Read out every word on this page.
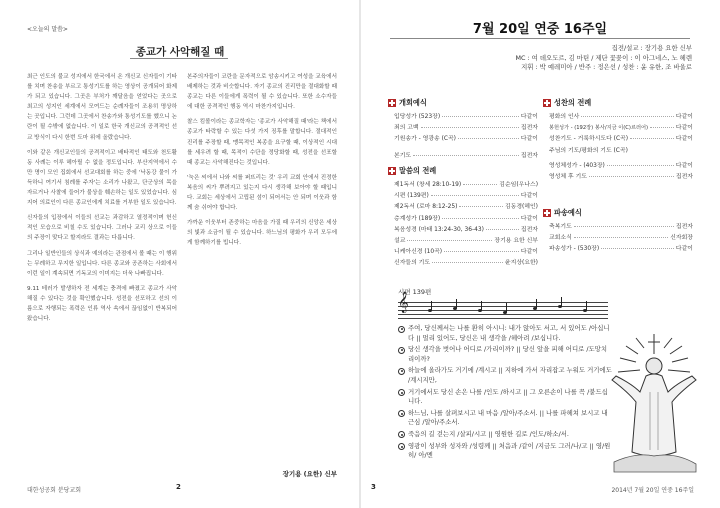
<오늘의 말씀>
종교가 사악해질 때

최근 인도의 불교 성지에서 한국에서 온 개신교 신자들이 기타를 치며 찬송을 부르고 통성기도를 하는 영상이 공개되어 화제가 되고 있습니다. 그곳은 부처가 깨달음을 얻었다는 곳으로 최고의 성지인 세계에서 모여드는 순례자들이 조용히 명상하는 곳입니다. 그런데 그곳에서 찬송가와 통성기도를 했으니 논란이 될 수밖에 없습니다. 이 일로 한국 개신교의 공격적인 선교 방식이 다시 한번 도마 위에 올랐습니다.

이와 같은 개신교인들의 공격적이고 배타적인 태도와 천도활동 사례는 이루 헤아릴 수 없을 정도입니다. 부산지역에서 수 만 명이 모인 집회에서 선교대회를 하는 중에 '낙동강 물이 가득하니 여기서 침례를 주자'는 소리가 나왔고, 단군상의 목을 자르거나 사찰에 들어가 불상을 훼손하는 일도 있었습니다. 심지어 의료인이 다른 종교인에게 치료를 거부한 일도 있습니다.

신자들의 입장에서 이들의 선교는 과감하고 열정적이며 헌신적인 모습으로 비칠 수도 있습니다. 그러나 교리 상으로 이들의 주장이 맞다고 할지라도 결과는 다릅니다.

그리나 일반인들의 상식과 예의라는 관점에서 볼 때는 이 행위는 무례하고 무지한 일입니다. 다른 종교와 공존하는 사회에서 이런 일이 계속되면 기독교의 이미지는 더욱 나빠집니다.

9.11 테러가 발생하자 전 세계는 충격에 빠졌고 종교가 사악해질 수 있다는 것을 확인했습니다. 성전을 선포하고 선의 이름으로 자행되는 폭력은 인류 역사 속에서 끊임없이 반복되어 왔습니다.

본주의자들이 코란을 문자적으로 암송시키고 여성을 교육에서 배제하는 것과 비슷합니다. 자기 종교의 진리만을 절대화할 때 종교는 다른 이들에게 폭력이 될 수 있습니다. 또한 소수자들에 대한 공격적인 행동 역시 마찬가지입니다.

찰스 킴볼이라는 종교학자는 '종교가 사악해질 때'라는 책에서 종교가 타락할 수 있는 다섯 가지 징후를 말합니다. 절대적인 진리를 주장할 때, 맹목적인 복종을 요구할 때, 이상적인 시대를 세우려 할 때, 목적이 수단을 정당화할 때, 성전을 선포할 때 종교는 사악해진다는 것입니다.

'눅은 씨에서 나와 씨를 퍼뜨리는 것' 우리 교회 안에서 진정한 복음의 씨가 뿌려지고 있는지 다시 생각해 보아야 할 때입니다. 교회는 세상에서 고립된 섬이 되어서는 안 되며 이웃과 함께 숨 쉬어야 합니다.

가까운 이웃부터 존중하는 마음을 가질 때 우리의 신앙은 세상의 빛과 소금이 될 수 있습니다. 하느님의 평화가 우리 모두에게 함께하기를 빕니다.

장기용 (요한) 신부
대한성공회 분당교회	2
7월 20일 연중 16주일
집전/설교 : 장기용 요한 신부
MC : 여 데오도르, 김 마틴 / 제단 꽃꽂이 : 이 아그네스, 노 헤렌
지휘 : 박 예레미아 / 반주 : 정은선 / 성찬 : 윤 유한, 조 바울로
개회예식
입당성가 (523장)	다같이
죄의 고백	집전자
기원송가 - 영광송 (C곡)	다같이
본기도	집전자
말씀의 전례
제1독서 (창세 28:10-19)	김순임(우나스)
시편 (139편)	다같이
제2독서 (로마 8:12-25)	김동경(헤인)
층계성가 (189장)	다같이
복음성경 (마태 13:24-30, 36-43)	집전자
설교	장기용 요한 신부
니케아신경 (10곡)	다같이
신자들의 기도	윤지상(요한)
성찬의 전례
평화의 인사	다같이
봉헌성가 - (192장) 봉사/지금 이(C)르러어)	다같이
성찬기도 - 거룩하시도다 (C곡)	다같이
주님의 기도/평화의 기도 (C곡)
영성체성가 - (403장)	다같이
영성체 후 기도	집전자
파송예식
축복기도	집전자
교회소식	신자회장
파송성가 - (530장)	다같이
시편 139편
𝄞
주여, 당신께서는 나를 환히 아시니: 내가 앉아도 서고, 서 있어도 /아십니다 || 멀리 있어도, 당신은 내 생각을 /헤아려 /보십니다.
당신 생각을 벗어나 어디로 /가리이까? || 당신 앞을 피해 어디로 /도망치리이까?
하늘에 올라가도 거기에 /계시고 || 지하에 가서 자리잡고 누워도 거기에도 /계시지만,
거기에서도 당신 손은 나를 /인도 /하시고 || 그 오른손이 나를 꼭 /붙드십니다.
하느님, 나를 살펴보시고 내 마음 /알아/주소서. || 나를 파헤쳐 보시고 내 근심 /알아/주소서.
죽음의 길 걷는지 /살피/시고 || 영원한 길로 /인도/하소/서.
영광이 성부와 성자와 /성령께 || 처음과 /같이 /지금도 그러/나/고 || 영/원히/ 아/멘
3	2014년 7월 20일 연중 16주일
